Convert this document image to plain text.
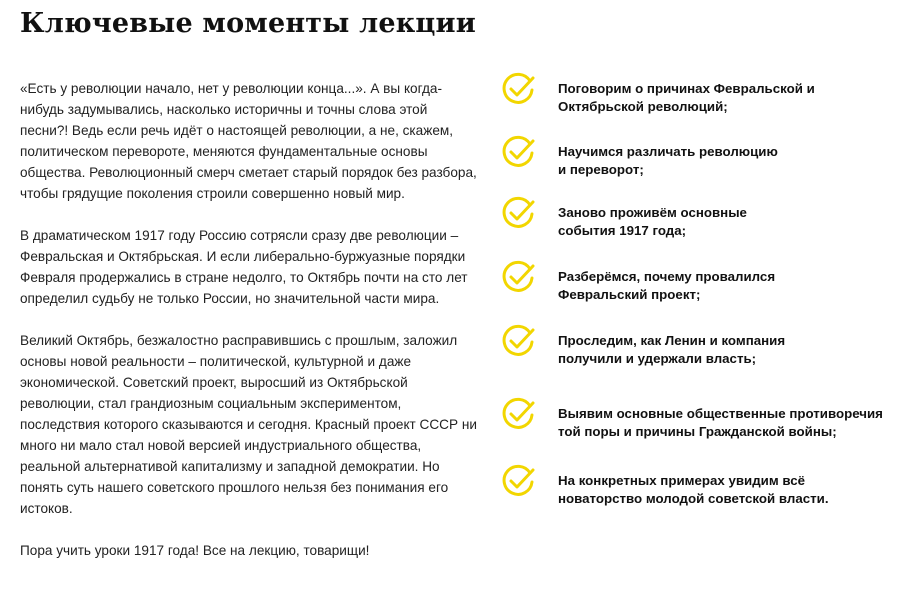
Ключевые моменты лекции

«Есть у революции начало, нет у революции конца...». А вы когда-нибудь задумывались, насколько историчны и точны слова этой песни?! Ведь если речь идёт о настоящей революции, а не, скажем, политическом перевороте, меняются фундаментальные основы общества. Революционный смерч сметает старый порядок без разбора, чтобы грядущие поколения строили совершенно новый мир.

В драматическом 1917 году Россию сотрясли сразу две революции – Февральская и Октябрьская. И если либерально-буржуазные порядки Февраля продержались в стране недолго, то Октябрь почти на сто лет определил судьбу не только России, но значительной части мира.

Великий Октябрь, безжалостно расправившись с прошлым, заложил основы новой реальности – политической, культурной и даже экономической. Советский проект, выросший из Октябрьской революции, стал грандиозным социальным экспериментом, последствия которого сказываются и сегодня. Красный проект СССР ни много ни мало стал новой версией индустриального общества, реальной альтернативой капитализму и западной демократии. Но понять суть нашего советского прошлого нельзя без понимания его истоков.

Пора учить уроки 1917 года! Все на лекцию, товарищи!

Поговорим о причинах Февральской и
Октябрьской революций;
Научимся различать революцию
и переворот;
Заново проживём основные
события 1917 года;
Разберёмся, почему провалился
Февральский проект;
Проследим, как Ленин и компания
получили и удержали власть;
Выявим основные общественные противоречия
той поры и причины Гражданской войны;
На конкретных примерах увидим всё
новаторство молодой советской власти.
